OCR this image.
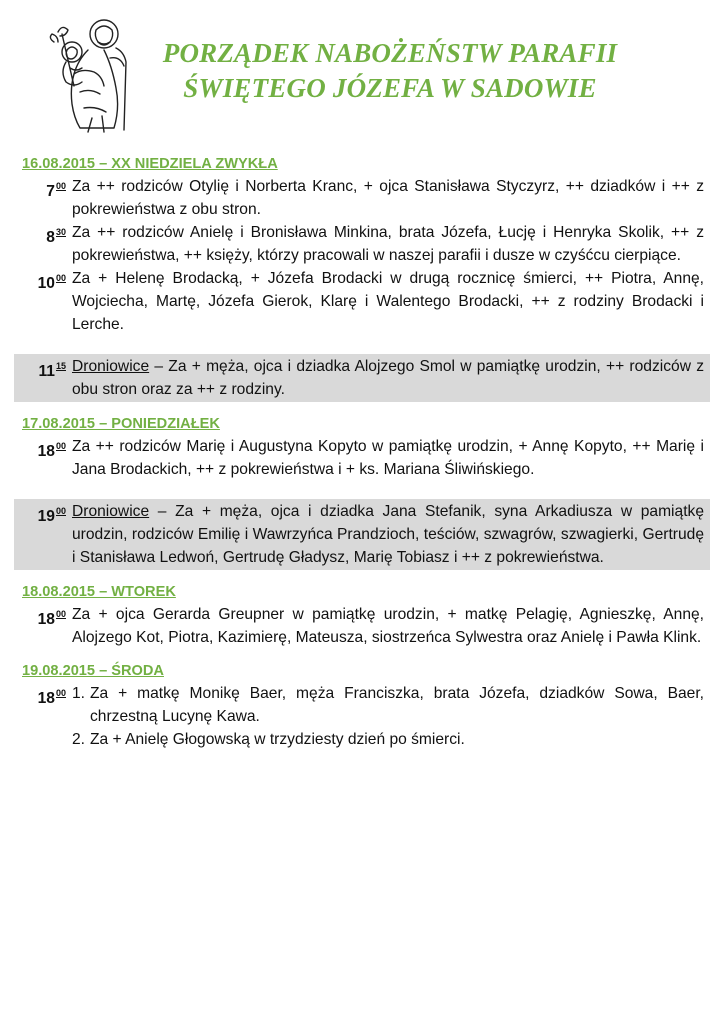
PORZĄDEK NABOŻEŃSTW PARAFII
ŚWIĘTEGO JÓZEFA W SADOWIE
16.08.2015 – XX NIEDZIELA ZWYKŁA
$7^{00}$ Za ++ rodziców Otylię i Norberta Kranc, + ojca Stanisława Styczyrz, ++ dziadków i ++ z pokrewieństwa z obu stron.
$8^{30}$ Za ++ rodziców Anielę i Bronisława Minkina, brata Józefa, Łucję i Henryka Skolik, ++ z pokrewieństwa, ++ księży, którzy pracowali w naszej parafii i dusze w czyśćcu cierpiące.
$10^{00}$ Za + Helenę Brodacką, + Józefa Brodacki w drugą rocznicę śmierci, ++ Piotra, Annę, Wojciecha, Martę, Józefa Gierok, Klarę i Walentego Brodacki, ++ z rodziny Brodacki i Lerche.
$11^{15}$ Droniowice – Za + męża, ojca i dziadka Alojzego Smol w pamiątkę urodzin, ++ rodziców z obu stron oraz za ++ z rodziny.
17.08.2015 – PONIEDZIAŁEK
$18^{00}$ Za ++ rodziców Marię i Augustyna Kopyto w pamiątkę urodzin, + Annę Kopyto, ++ Marię i Jana Brodackich, ++ z pokrewieństwa i + ks. Mariana Śliwińskiego.
$19^{00}$ Droniowice – Za + męża, ojca i dziadka Jana Stefanik, syna Arkadiusza w pamiątkę urodzin, rodziców Emilię i Wawrzyńca Prandzioch, teściów, szwagrów, szwagierki, Gertrudę i Stanisława Ledwoń, Gertrudę Gładysz, Marię Tobiasz i ++ z pokrewieństwa.
18.08.2015 – WTOREK
$18^{00}$ Za + ojca Gerarda Greupner w pamiątkę urodzin, + matkę Pelagię, Agnieszkę, Annę, Alojzego Kot, Piotra, Kazimierę, Mateusza, siostrzeńca Sylwestra oraz Anielę i Pawła Klink.
19.08.2015 – ŚRODA
$18^{00}$ 1. Za + matkę Monikę Baer, męża Franciszka, brata Józefa, dziadków Sowa, Baer, chrzestną Lucynę Kawa.
2. Za + Anielę Głogowską w trzydziesty dzień po śmierci.
